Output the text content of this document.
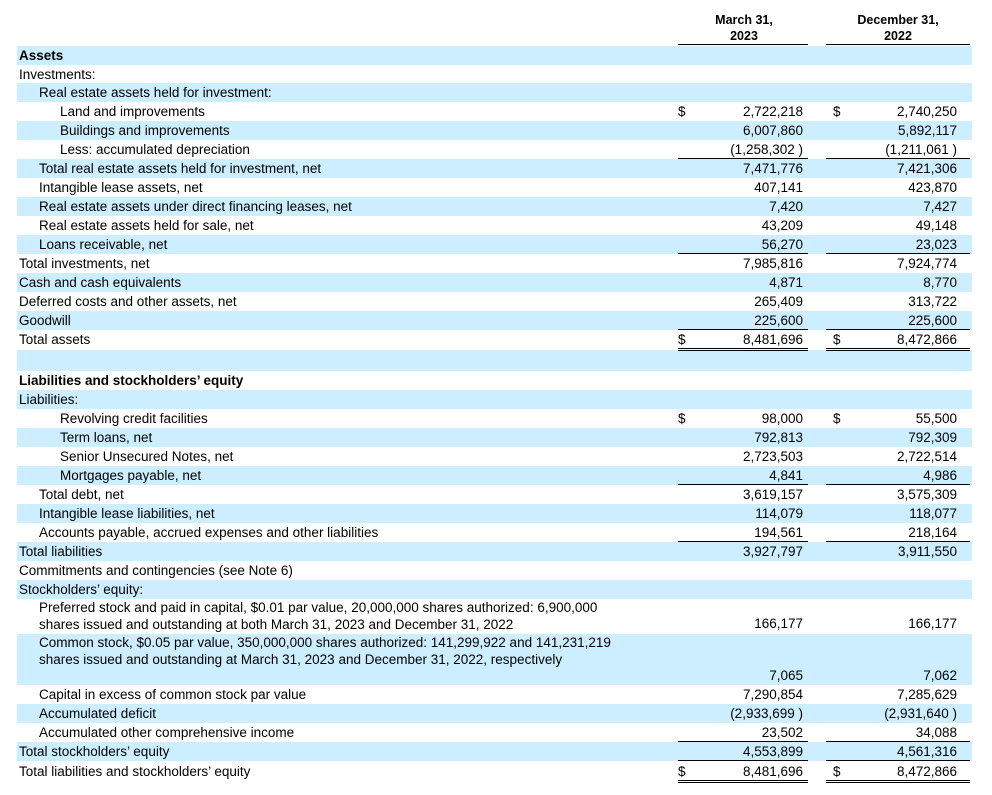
March 31,
2023
December 31,
2022
Assets
Investments:
Real estate assets held for investment:
Land and improvements	$	2,722,218 $	2,740,250
Buildings and improvements	6,007,860	5,892,117
Less: accumulated depreciation	(1,258,302 )	(1,211,061 )
Total real estate assets held for investment, net	7,471,776	7,421,306
Intangible lease assets, net	407,141	423,870
Real estate assets under direct financing leases, net	7,420	7,427
Real estate assets held for sale, net	43,209	49,148
Loans receivable, net	56,270	23,023
Total investments, net	7,985,816	7,924,774
Cash and cash equivalents	4,871	8,770
Deferred costs and other assets, net	265,409	313,722
Goodwill	225,600	225,600
Total assets	$	8,481,696 $	8,472,866
Liabilities and stockholders’ equity
Liabilities:
Revolving credit facilities	$	98,000 $	55,500
Term loans, net	792,813	792,309
Senior Unsecured Notes, net	2,723,503	2,722,514
Mortgages payable, net	4,841	4,986
Total debt, net	3,619,157	3,575,309
Intangible lease liabilities, net	114,079	118,077
Accounts payable, accrued expenses and other liabilities	194,561	218,164
Total liabilities	3,927,797	3,911,550
Commitments and contingencies (see Note 6)
Stockholders’ equity:
Preferred stock and paid in capital, $0.01 par value, 20,000,000 shares authorized: 6,900,000 shares issued and outstanding at both March 31, 2023 and December 31, 2022	166,177	166,177
Common stock, $0.05 par value, 350,000,000 shares authorized: 141,299,922 and 141,231,219 shares issued and outstanding at March 31, 2023 and December 31, 2022, respectively
7,065	7,062
Capital in excess of common stock par value	7,290,854	7,285,629
Accumulated deficit	(2,933,699 )	(2,931,640 )
Accumulated other comprehensive income	23,502	34,088
Total stockholders’ equity	4,553,899	4,561,316
Total liabilities and stockholders’ equity	$	8,481,696 $	8,472,866
